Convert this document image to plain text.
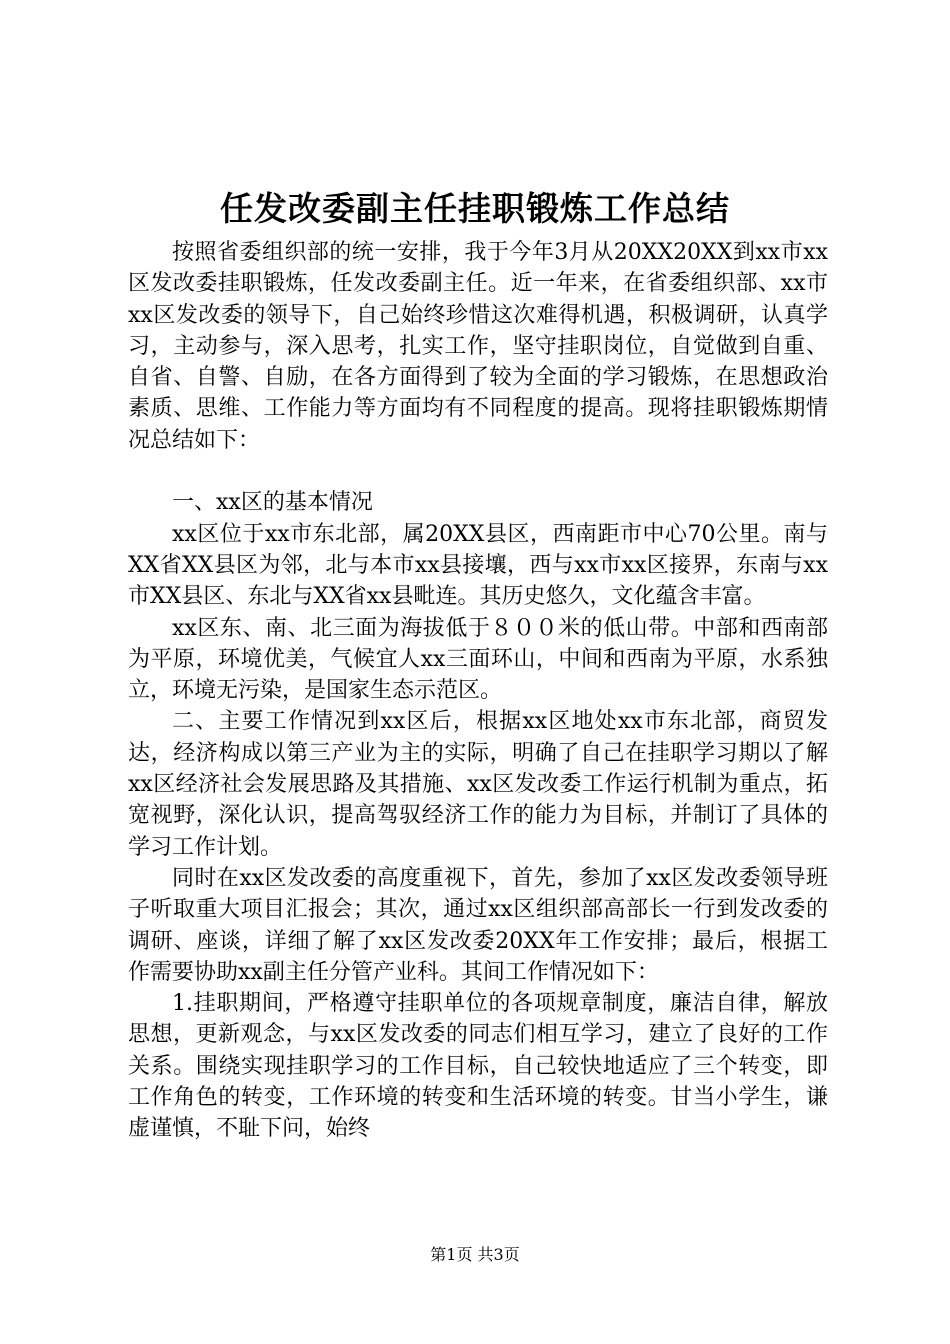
任发改委副主任挂职锻炼工作总结

按照省委组织部的统一安排，我于今年3月从20XX20XX到xx市xx区发改委挂职锻炼，任发改委副主任。近一年来，在省委组织部、xx市xx区发改委的领导下，自己始终珍惜这次难得机遇，积极调研，认真学习，主动参与，深入思考，扎实工作，坚守挂职岗位，自觉做到自重、自省、自警、自励，在各方面得到了较为全面的学习锻炼，在思想政治素质、思维、工作能力等方面均有不同程度的提高。现将挂职锻炼期情况总结如下：

一、xx区的基本情况

xx区位于xx市东北部，属20XX县区，西南距市中心70公里。南与XX省XX县区为邻，北与本市xx县接壤，西与xx市xx区接界，东南与xx市XX县区、东北与XX省xx县毗连。其历史悠久，文化蕴含丰富。

xx区东、南、北三面为海拔低于８００米的低山带。中部和西南部为平原，环境优美，气候宜人xx三面环山，中间和西南为平原，水系独立，环境无污染，是国家生态示范区。

二、主要工作情况到xx区后，根据xx区地处xx市东北部，商贸发达，经济构成以第三产业为主的实际，明确了自己在挂职学习期以了解xx区经济社会发展思路及其措施、xx区发改委工作运行机制为重点，拓宽视野，深化认识，提高驾驭经济工作的能力为目标，并制订了具体的学习工作计划。

同时在xx区发改委的高度重视下，首先，参加了xx区发改委领导班子听取重大项目汇报会；其次，通过xx区组织部高部长一行到发改委的调研、座谈，详细了解了xx区发改委20XX年工作安排；最后，根据工作需要协助xx副主任分管产业科。其间工作情况如下：

1.挂职期间，严格遵守挂职单位的各项规章制度，廉洁自律，解放思想，更新观念，与xx区发改委的同志们相互学习，建立了良好的工作关系。围绕实现挂职学习的工作目标，自己较快地适应了三个转变，即工作角色的转变，工作环境的转变和生活环境的转变。甘当小学生，谦虚谨慎，不耻下问，始终

第1页 共3页
